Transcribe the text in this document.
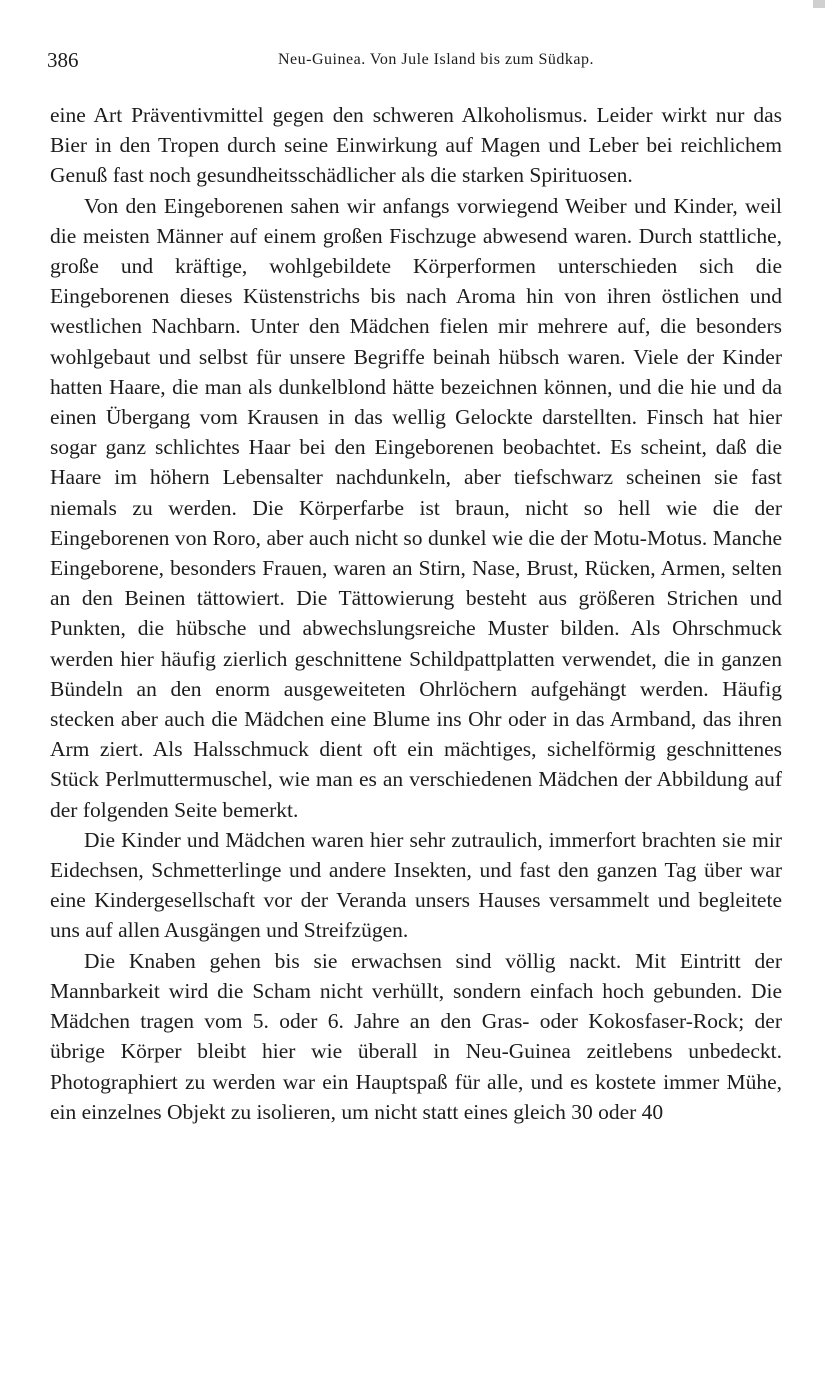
386	Neu-Guinea. Von Jule Island bis zum Südkap.

eine Art Präventivmittel gegen den schweren Alkoholismus. Leider wirkt nur das Bier in den Tropen durch seine Einwirkung auf Magen und Leber bei reichlichem Genuß fast noch gesundheitsschädlicher als die starken Spirituosen.

Von den Eingeborenen sahen wir anfangs vorwiegend Weiber und Kinder, weil die meisten Männer auf einem großen Fischzuge abwesend waren. Durch stattliche, große und kräftige, wohlgebildete Körperformen unterschieden sich die Eingeborenen dieses Küstenstrichs bis nach Aroma hin von ihren östlichen und westlichen Nachbarn. Unter den Mädchen fielen mir mehrere auf, die besonders wohlgebaut und selbst für unsere Begriffe beinah hübsch waren. Viele der Kinder hatten Haare, die man als dunkelblond hätte bezeichnen können, und die hie und da einen Übergang vom Krausen in das wellig Gelockte darstellten. Finsch hat hier sogar ganz schlichtes Haar bei den Eingeborenen beobachtet. Es scheint, daß die Haare im höhern Lebensalter nachdunkeln, aber tiefschwarz scheinen sie fast niemals zu werden. Die Körperfarbe ist braun, nicht so hell wie die der Eingeborenen von Roro, aber auch nicht so dunkel wie die der Motu-Motus. Manche Eingeborene, besonders Frauen, waren an Stirn, Nase, Brust, Rücken, Armen, selten an den Beinen tättowiert. Die Tättowierung besteht aus größeren Strichen und Punkten, die hübsche und abwechslungsreiche Muster bilden. Als Ohrschmuck werden hier häufig zierlich geschnittene Schildpattplatten verwendet, die in ganzen Bündeln an den enorm ausgeweiteten Ohrlöchern aufgehängt werden. Häufig stecken aber auch die Mädchen eine Blume ins Ohr oder in das Armband, das ihren Arm ziert. Als Halsschmuck dient oft ein mächtiges, sichelförmig geschnittenes Stück Perlmuttermuschel, wie man es an verschiedenen Mädchen der Abbildung auf der folgenden Seite bemerkt.

Die Kinder und Mädchen waren hier sehr zutraulich, immerfort brachten sie mir Eidechsen, Schmetterlinge und andere Insekten, und fast den ganzen Tag über war eine Kindergesellschaft vor der Veranda unsers Hauses versammelt und begleitete uns auf allen Ausgängen und Streifzügen.

Die Knaben gehen bis sie erwachsen sind völlig nackt. Mit Eintritt der Mannbarkeit wird die Scham nicht verhüllt, sondern einfach hoch gebunden. Die Mädchen tragen vom 5. oder 6. Jahre an den Gras- oder Kokosfaser-Rock; der übrige Körper bleibt hier wie überall in Neu-Guinea zeitlebens unbedeckt. Photographiert zu werden war ein Hauptspaß für alle, und es kostete immer Mühe, ein einzelnes Objekt zu isolieren, um nicht statt eines gleich 30 oder 40
